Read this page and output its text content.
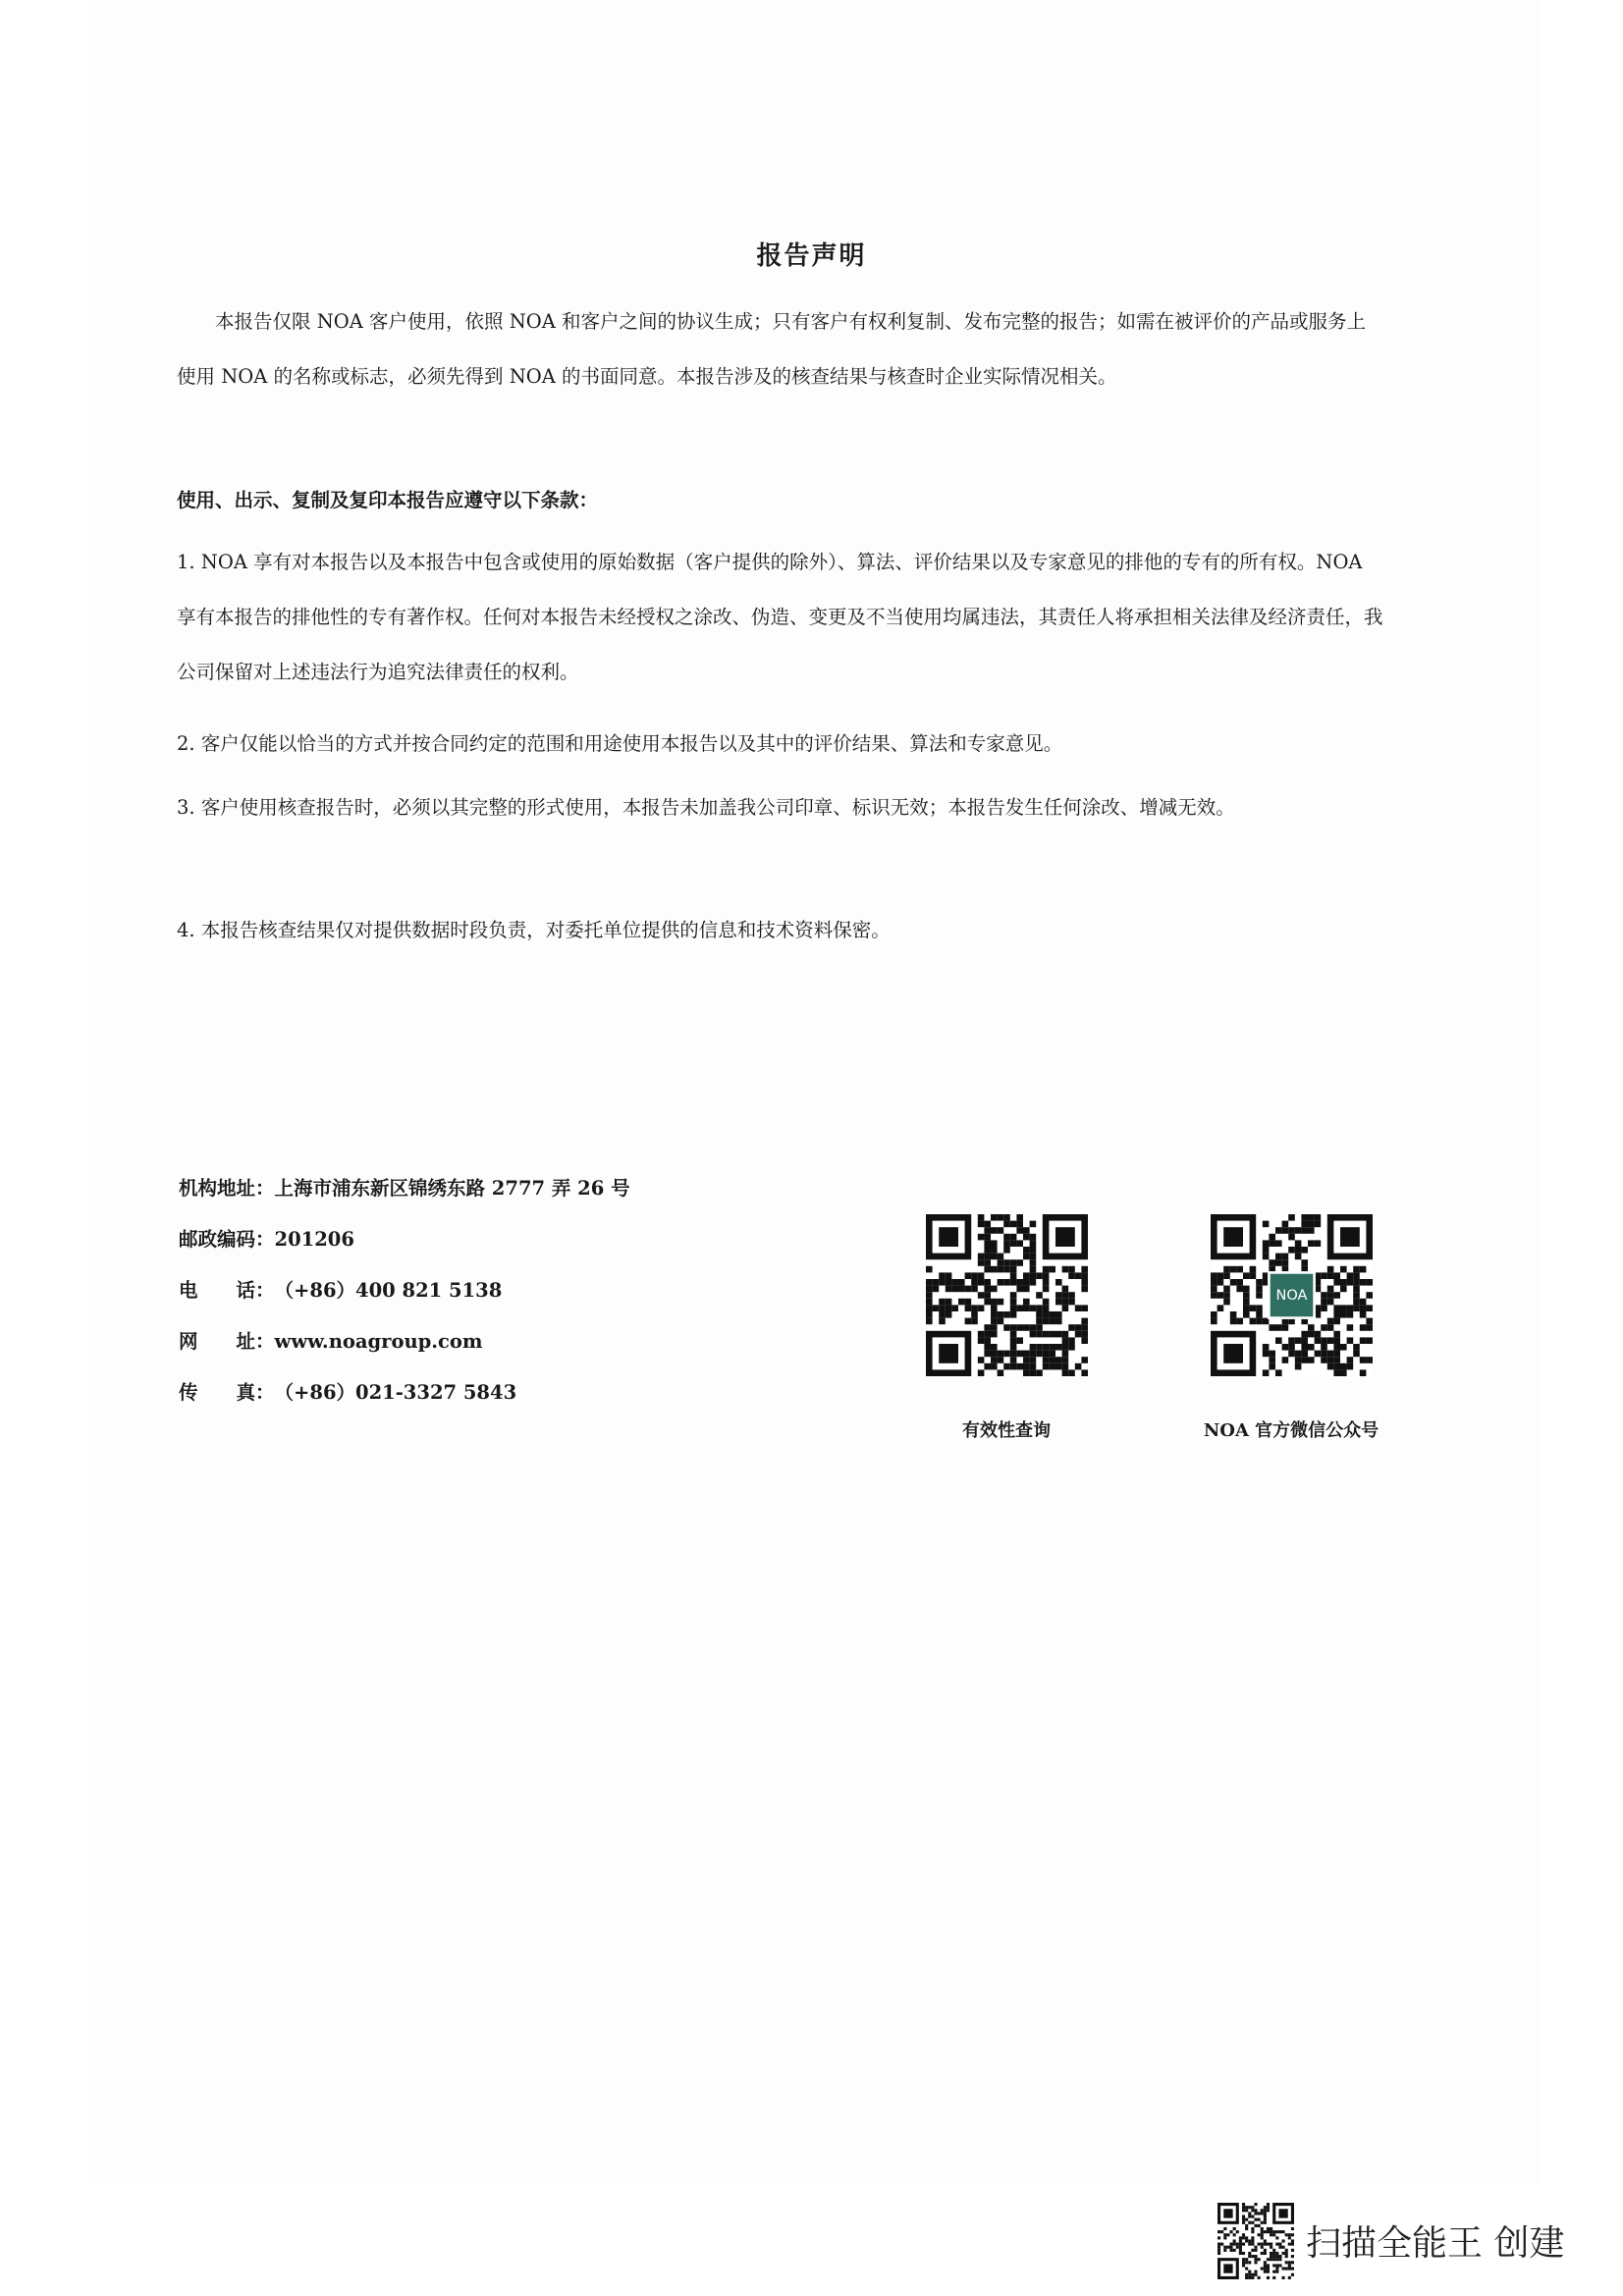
报告声明
本报告仅限 NOA 客户使用，依照 NOA 和客户之间的协议生成；只有客户有权利复制、发布完整的报告；如需在被评价的产品或服务上使用 NOA 的名称或标志，必须先得到 NOA 的书面同意。本报告涉及的核查结果与核查时企业实际情况相关。
使用、出示、复制及复印本报告应遵守以下条款：
1. NOA 享有对本报告以及本报告中包含或使用的原始数据（客户提供的除外）、算法、评价结果以及专家意见的排他的专有的所有权。NOA 享有本报告的排他性的专有著作权。任何对本报告未经授权之涂改、伪造、变更及不当使用均属违法，其责任人将承担相关法律及经济责任，我公司保留对上述违法行为追究法律责任的权利。
2. 客户仅能以恰当的方式并按合同约定的范围和用途使用本报告以及其中的评价结果、算法和专家意见。
3. 客户使用核查报告时，必须以其完整的形式使用，本报告未加盖我公司印章、标识无效；本报告发生任何涂改、增减无效。
4. 本报告核查结果仅对提供数据时段负责，对委托单位提供的信息和技术资料保密。
机构地址：上海市浦东新区锦绣东路 2777 弄 26 号
邮政编码：201206
电话：（+86）400 821 5138
网址：www.noagroup.com
传真：（+86）021-3327 5843
NOA
有效性查询	NOA 官方微信公众号
扫描全能王 创建
